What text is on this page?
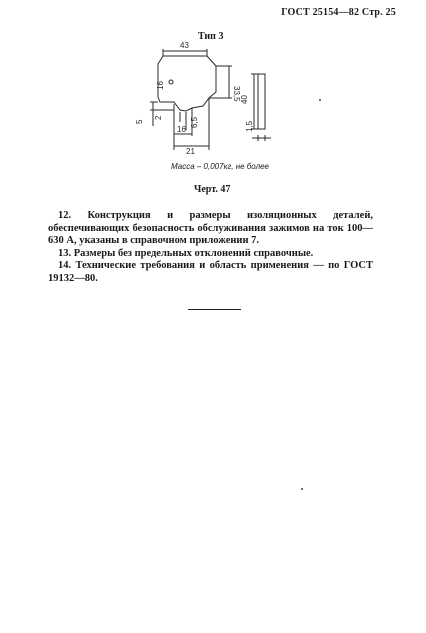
ГОСТ 25154—82 Стр. 25
Тип 3
43
33,5
16
5
2	6,5
16
21
40
1,5
Масса – 0,007кг, не более
Черт. 47

12. Конструкция и размеры изоляционных деталей, обеспечивающих безопасность обслуживания зажимов на ток 100—630 А, указаны в справочном приложении 7.

13. Размеры без предельных отклонений справочные.

14. Технические требования и область применения — по ГОСТ 19132—80.
